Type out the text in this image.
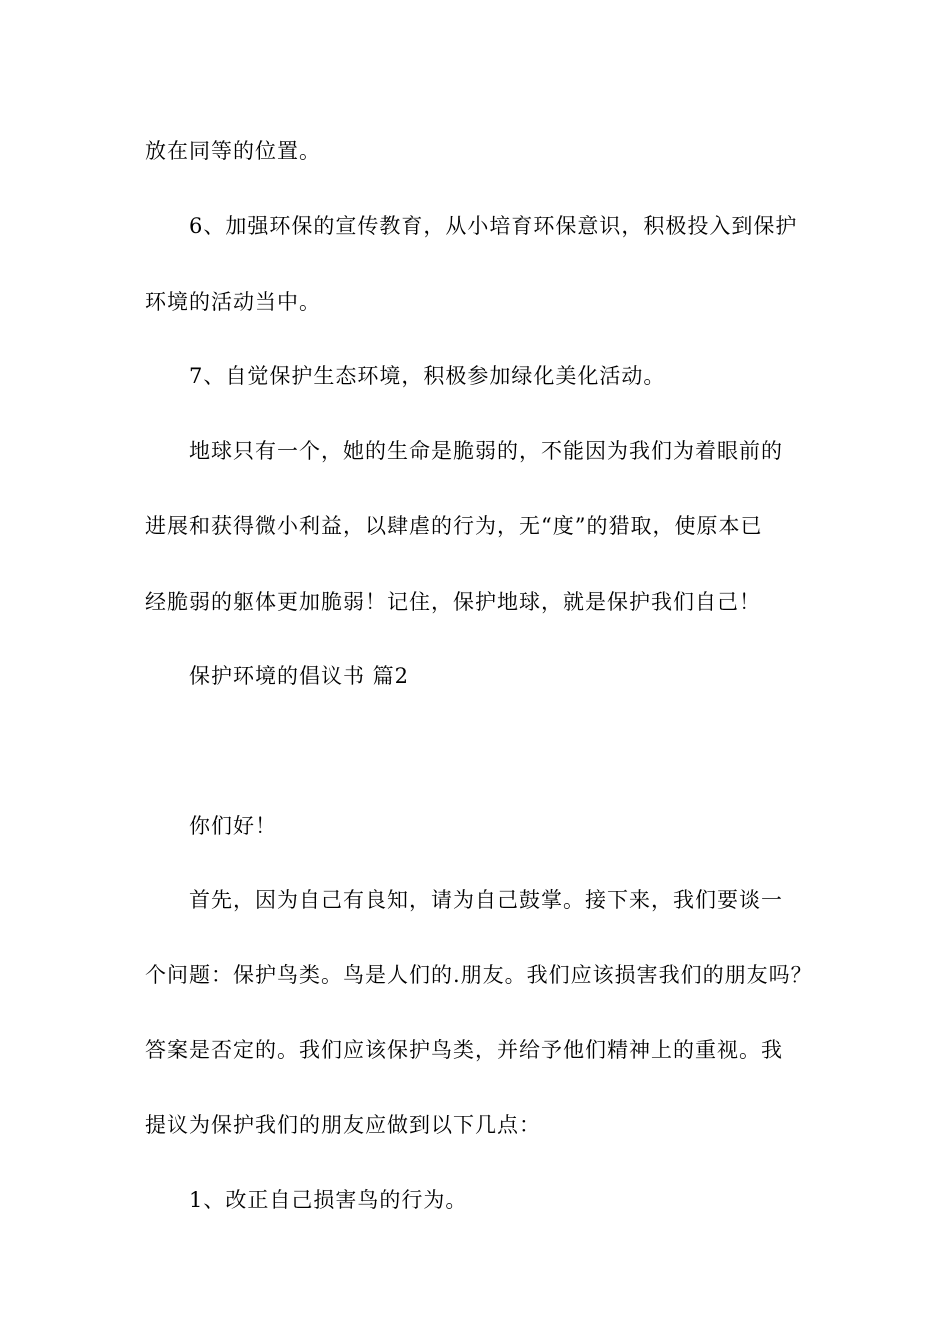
放在同等的位置。
6、加强环保的宣传教育，从小培育环保意识，积极投入到保护
环境的活动当中。
7、自觉保护生态环境，积极参加绿化美化活动。
地球只有一个，她的生命是脆弱的，不能因为我们为着眼前的
进展和获得微小利益，以肆虐的行为，无“度”的猎取，使原本已
经脆弱的躯体更加脆弱！记住，保护地球，就是保护我们自己！
保护环境的倡议书 篇2
你们好！
首先，因为自己有良知，请为自己鼓掌。接下来，我们要谈一
个问题：保护鸟类。鸟是人们的.朋友。我们应该损害我们的朋友吗？
答案是否定的。我们应该保护鸟类，并给予他们精神上的重视。我
提议为保护我们的朋友应做到以下几点：
1、改正自己损害鸟的行为。
